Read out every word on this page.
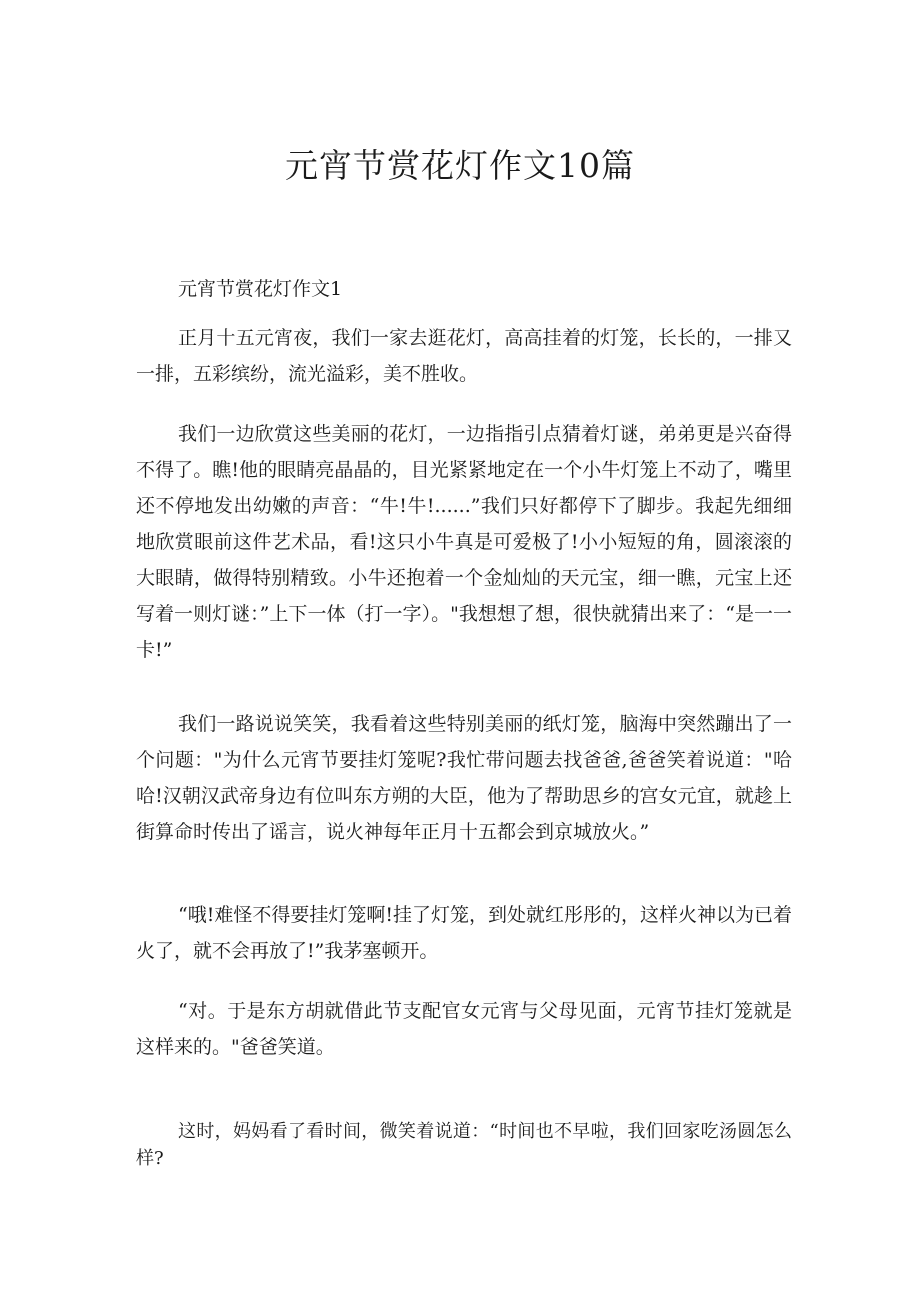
元宵节赏花灯作文10篇
元宵节赏花灯作文1

正月十五元宵夜，我们一家去逛花灯，高高挂着的灯笼，长长的，一排又一排，五彩缤纷，流光溢彩，美不胜收。

我们一边欣赏这些美丽的花灯，一边指指引点猜着灯谜，弟弟更是兴奋得不得了。瞧!他的眼睛亮晶晶的，目光紧紧地定在一个小牛灯笼上不动了，嘴里还不停地发出幼嫩的声音：“牛!牛!......”我们只好都停下了脚步。我起先细细地欣赏眼前这件艺术品，看!这只小牛真是可爱极了!小小短短的角，圆滚滚的大眼睛，做得特别精致。小牛还抱着一个金灿灿的天元宝，细一瞧，元宝上还写着一则灯谜：”上下一体（打一字）。"我想想了想，很快就猜出来了：“是一一卡!”

我们一路说说笑笑，我看着这些特别美丽的纸灯笼，脑海中突然蹦出了一个问题："为什么元宵节要挂灯笼呢?我忙带问题去找爸爸,爸爸笑着说道："哈哈!汉朝汉武帝身边有位叫东方朔的大臣，他为了帮助思乡的宫女元宜，就趁上街算命时传出了谣言，说火神每年正月十五都会到京城放火。”

“哦!难怪不得要挂灯笼啊!挂了灯笼，到处就红彤彤的，这样火神以为已着火了，就不会再放了!”我茅塞顿开。

“对。于是东方胡就借此节支配官女元宵与父母见面，元宵节挂灯笼就是这样来的。"爸爸笑道。

这时，妈妈看了看时间，微笑着说道：“时间也不早啦，我们回家吃汤圆怎么样?
